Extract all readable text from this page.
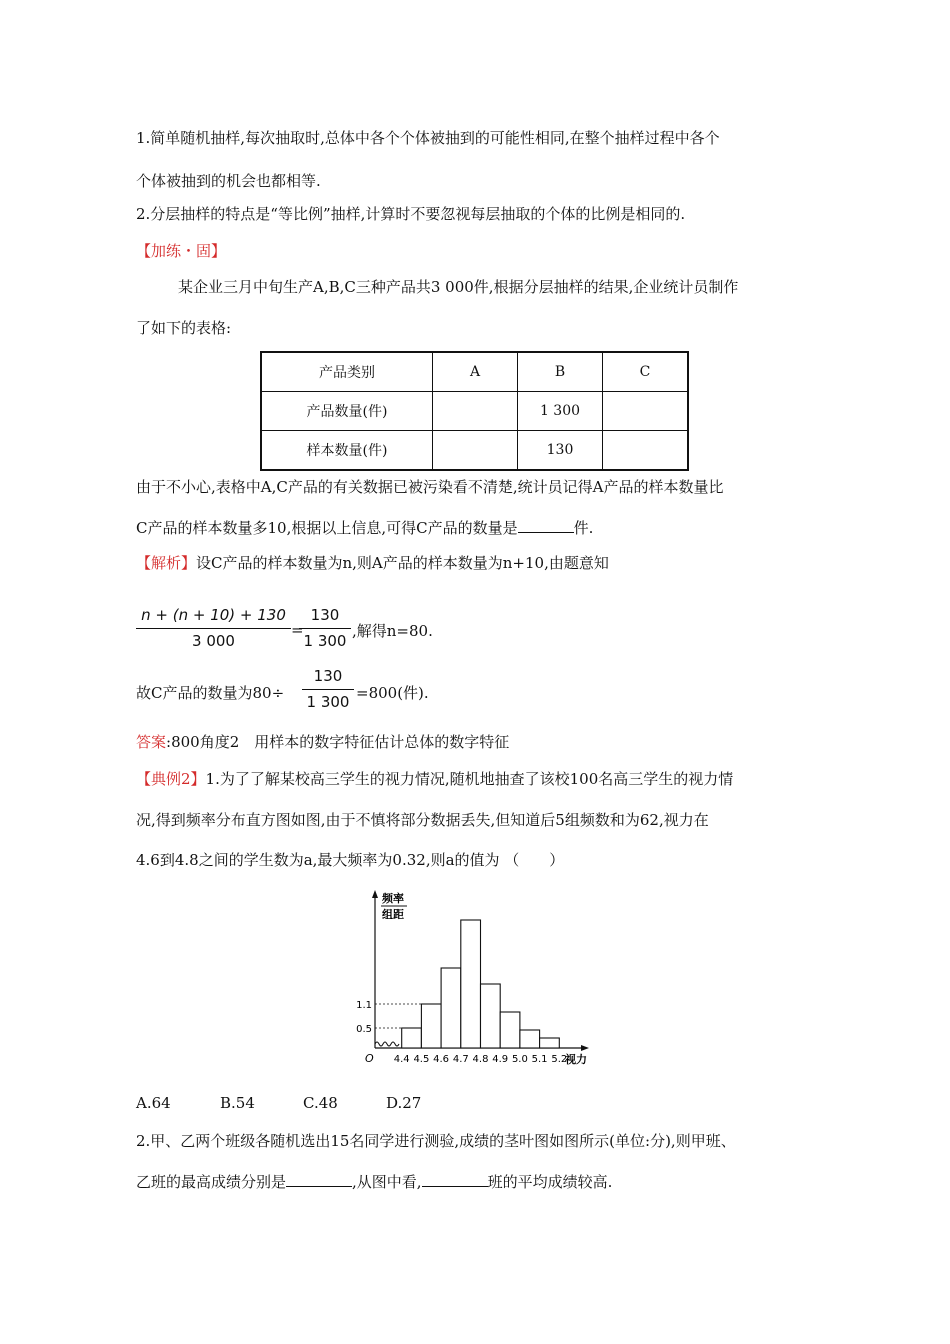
1.简单随机抽样,每次抽取时,总体中各个个体被抽到的可能性相同,在整个抽样过程中各个
个体被抽到的机会也都相等.
2.分层抽样的特点是“等比例”抽样,计算时不要忽视每层抽取的个体的比例是相同的.
【加练・固】
某企业三月中旬生产A,B,C三种产品共3 000件,根据分层抽样的结果,企业统计员制作
了如下的表格:
产品类别	A	B	C
产品数量(件)		1 300	
样本数量(件)		130	
由于不小心,表格中A,C产品的有关数据已被污染看不清楚,统计员记得A产品的样本数量比
C产品的样本数量多10,根据以上信息,可得C产品的数量是	件.
【解析】设C产品的样本数量为n,则A产品的样本数量为n+10,由题意知
$\frac{n + (n + 10) + 130}{3 000}$ =
$\frac{130}{1 300}$ ,解得n=80.
故C产品的数量为$80\div \frac{130}{1 300} =800$(件).
答案:800角度2　用样本的数字特征估计总体的数字特征
【典例2】1.为了了解某校高三学生的视力情况,随机地抽查了该校100名高三学生的视力情
况,得到频率分布直方图如图,由于不慎将部分数据丢失,但知道后5组频数和为62,视力在
4.6到4.8之间的学生数为a,最大频率为0.32,则a的值为 （　　）
频率
组距
O	视力
0.5
1.1
4.4 4.5 4.6 4.7 4.8 4.9 5.0 5.1 5.2
A.64	B.54	C.48	D.27
2.甲、乙两个班级各随机选出15名同学进行测验,成绩的茎叶图如图所示(单位:分),则甲班、
乙班的最高成绩分别是	,从图中看,	班的平均成绩较高.
